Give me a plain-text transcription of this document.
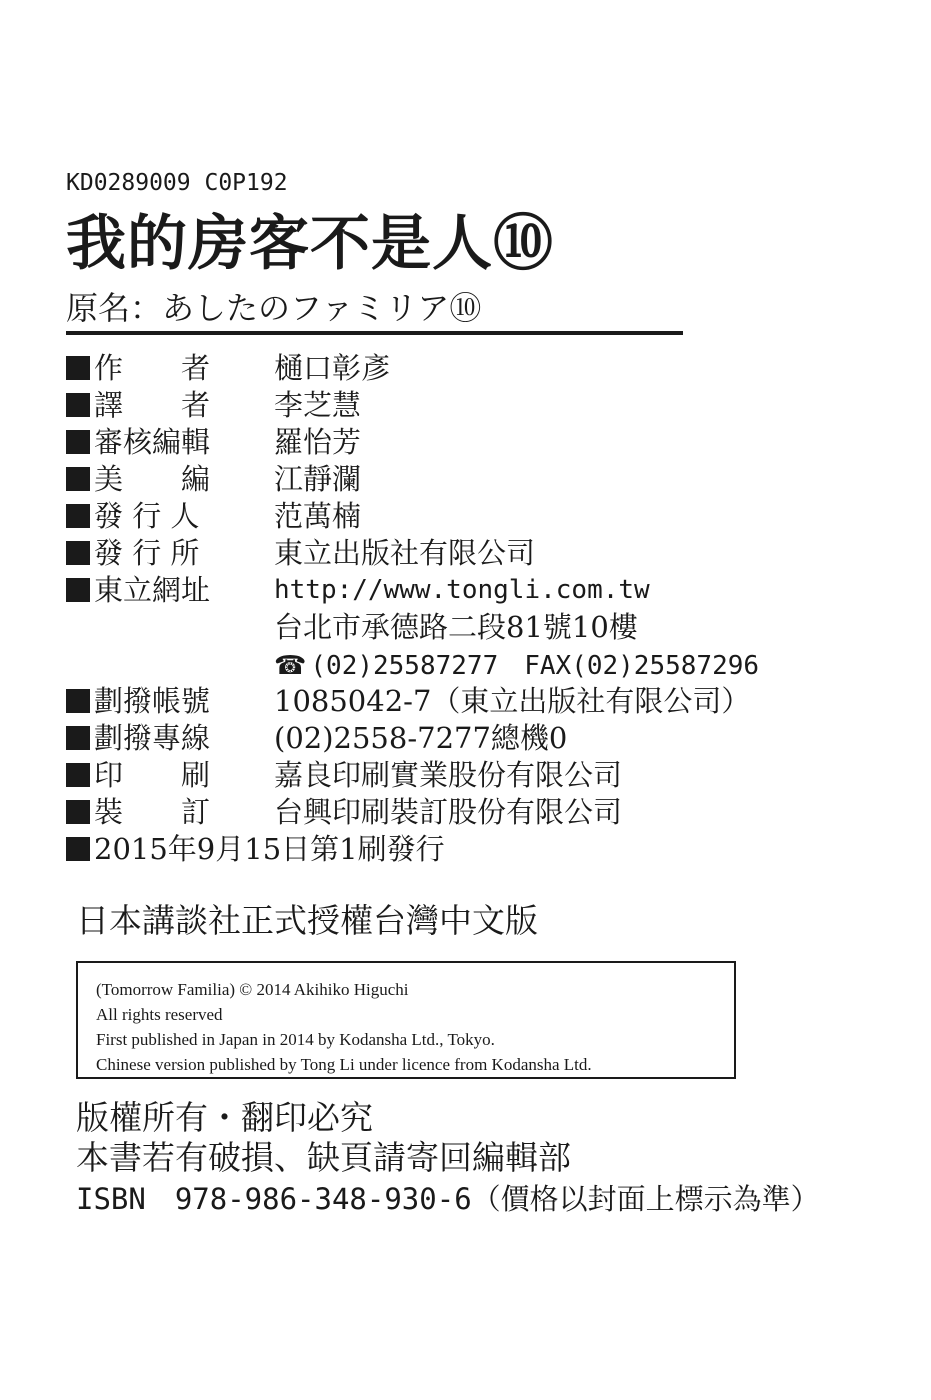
KD0289009 C0P192
我的房客不是人⑩
原名：あしたのファミリア⑩
作　　者 樋口彰彥
譯　　者 李芝慧
審核編輯 羅怡芳
美　　編 江靜瀾
發 行 人	范萬楠
發 行 所	東立出版社有限公司
東立網址 http://www.tongli.com.tw
台北市承德路二段81號10樓
☎ (02)25587277　FAX(02)25587296
劃撥帳號 1085042-7（東立出版社有限公司）
劃撥專線 (02)2558-7277總機0
印　　刷 嘉良印刷實業股份有限公司
裝　　訂 台興印刷裝訂股份有限公司
2015年9月15日第1刷發行
日本講談社正式授權台灣中文版
(Tomorrow Familia) © 2014 Akihiko Higuchi
All rights reserved
First published in Japan in 2014 by Kodansha Ltd., Tokyo.
Chinese version published by Tong Li under licence from Kodansha Ltd.
版權所有・翻印必究
本書若有破損、缺頁請寄回編輯部
ISBN　978-986-348-930-6（價格以封面上標示為準）
